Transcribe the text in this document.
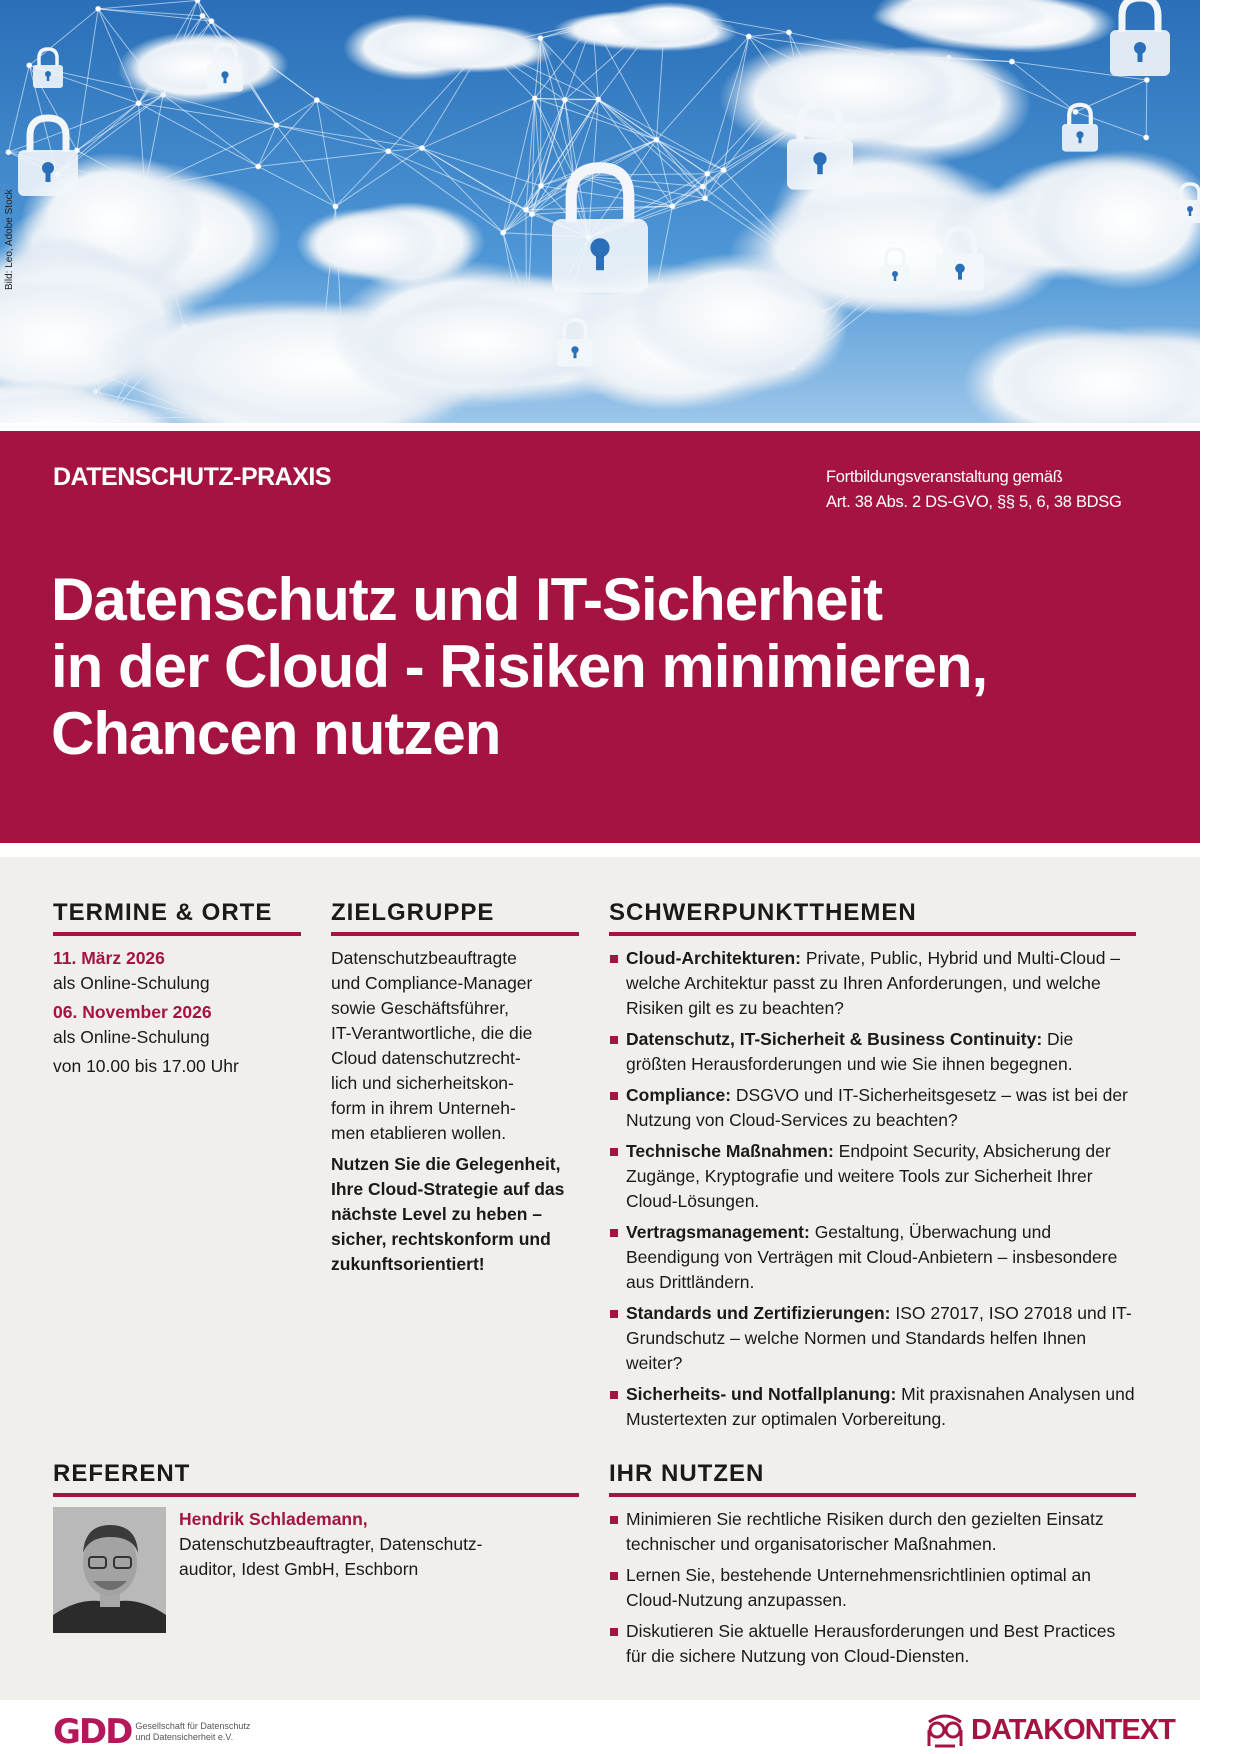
Bild: Leo, Adobe Stock
DATENSCHUTZ-PRAXIS	Fortbildungsveranstaltung gemäß
Art. 38 Abs. 2 DS-GVO, §§ 5, 6, 38 BDSG
Datenschutz und IT-Sicherheit
in der Cloud - Risiken minimieren,
Chancen nutzen
TERMINE & ORTE
11. März 2026
als Online-Schulung
06. November 2026
als Online-Schulung
von 10.00 bis 17.00 Uhr
ZIELGRUPPE
Datenschutzbeauftragte
und Compliance-Manager
sowie Geschäftsführer,
IT-Verantwortliche, die die
Cloud datenschutzrecht-
lich und sicherheitskon-
form in ihrem Unterneh-
men etablieren wollen.
Nutzen Sie die Gelegenheit,
Ihre Cloud-Strategie auf das
nächste Level zu heben –
sicher, rechtskonform und
zukunftsorientiert!
SCHWERPUNKTTHEMEN
Cloud-Architekturen: Private, Public, Hybrid und Multi-Cloud – welche Architektur passt zu Ihren Anforderungen, und welche Risiken gilt es zu beachten?
Datenschutz, IT-Sicherheit & Business Continuity: Die größten Herausforderungen und wie Sie ihnen begegnen.
Compliance: DSGVO und IT-Sicherheitsgesetz – was ist bei der Nutzung von Cloud-Services zu beachten?
Technische Maßnahmen: Endpoint Security, Absicherung der Zugänge, Kryptografie und weitere Tools zur Sicherheit Ihrer Cloud-Lösungen.
Vertragsmanagement: Gestaltung, Überwachung und Beendigung von Verträgen mit Cloud-Anbietern – insbesondere aus Drittländern.
Standards und Zertifizierungen: ISO 27017, ISO 27018 und IT-Grundschutz – welche Normen und Standards helfen Ihnen weiter?
Sicherheits- und Notfallplanung: Mit praxisnahen Analysen und Mustertexten zur optimalen Vorbereitung.
REFERENT
Hendrik Schlademann,
Datenschutzbeauftragter, Datenschutz-
auditor, Idest GmbH, Eschborn
IHR NUTZEN
Minimieren Sie rechtliche Risiken durch den gezielten Einsatz technischer und organisatorischer Maßnahmen.
Lernen Sie, bestehende Unternehmensrichtlinien optimal an Cloud-Nutzung anzupassen.
Diskutieren Sie aktuelle Herausforderungen und Best Practices für die sichere Nutzung von Cloud-Diensten.
GDD Gesellschaft für Datenschutz
und Datensicherheit e.V.	DATAKONTEXT
